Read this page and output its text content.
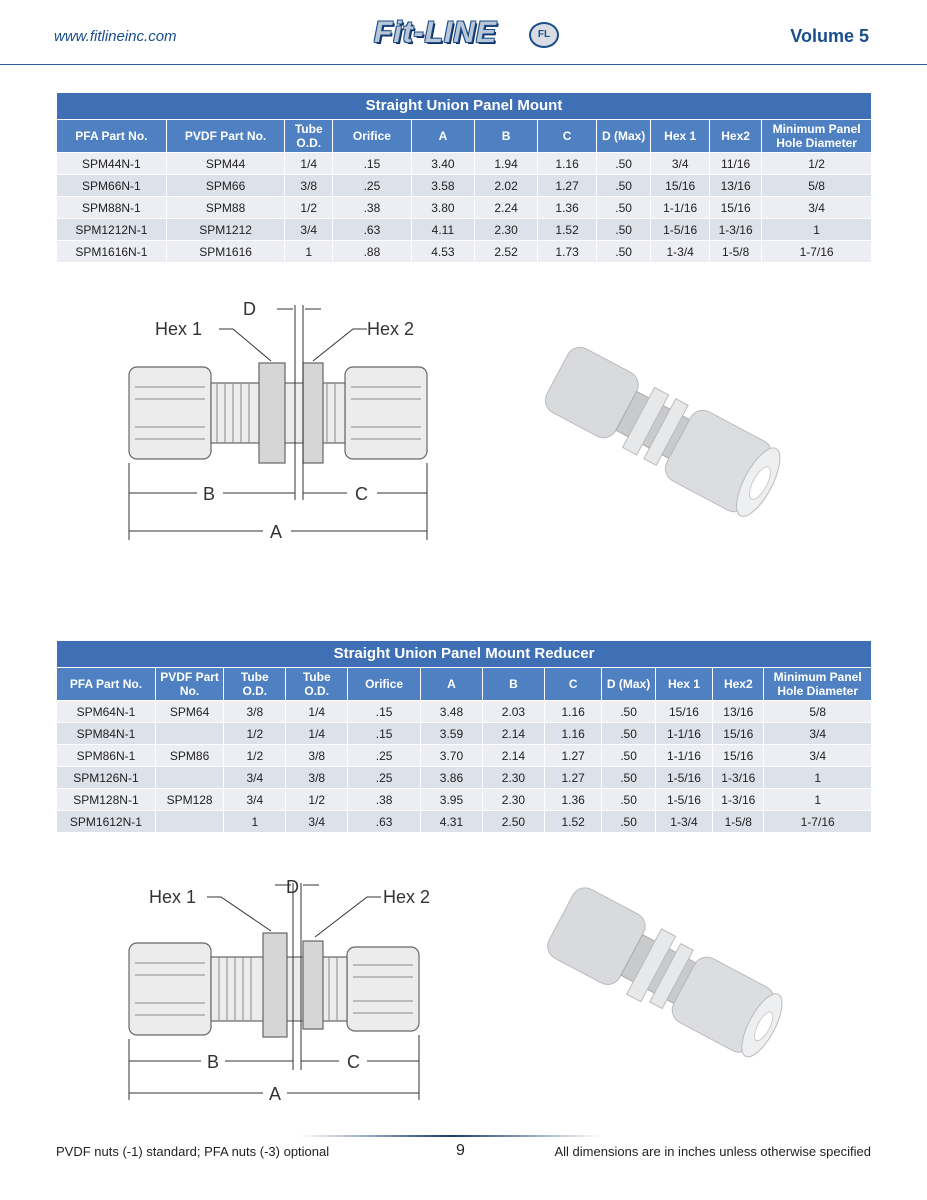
www.fitlineinc.com	Fit-LINE	FL	Volume 5
Straight Union Panel Mount										
PFA Part No.	PVDF Part No.	Tube O.D.	Orifice	A	B	C	D (Max)	Hex 1	Hex2	Minimum Panel Hole Diameter
SPM44N-1	SPM44	1/4	.15	3.40	1.94	1.16	.50	3/4	11/16	1/2
SPM66N-1	SPM66	3/8	.25	3.58	2.02	1.27	.50	15/16	13/16	5/8
SPM88N-1	SPM88	1/2	.38	3.80	2.24	1.36	.50	1-1/16	15/16	3/4
SPM1212N-1	SPM1212	3/4	.63	4.11	2.30	1.52	.50	1-5/16	1-3/16	1
SPM1616N-1	SPM1616	1	.88	4.53	2.52	1.73	.50	1-3/4	1-5/8	1-7/16
Hex 1	Hex 2
D
B	C
A
Straight Union Panel Mount Reducer											
PFA Part No.	PVDF Part No.	Tube O.D.	Tube O.D.	Orifice	A	B	C	D (Max)	Hex 1	Hex2	Minimum Panel Hole Diameter
SPM64N-1	SPM64	3/8	1/4	.15	3.48	2.03	1.16	.50	15/16	13/16	5/8
SPM84N-1		1/2	1/4	.15	3.59	2.14	1.16	.50	1-1/16	15/16	3/4
SPM86N-1	SPM86	1/2	3/8	.25	3.70	2.14	1.27	.50	1-1/16	15/16	3/4
SPM126N-1		3/4	3/8	.25	3.86	2.30	1.27	.50	1-5/16	1-3/16	1
SPM128N-1	SPM128	3/4	1/2	.38	3.95	2.30	1.36	.50	1-5/16	1-3/16	1
SPM1612N-1		1	3/4	.63	4.31	2.50	1.52	.50	1-3/4	1-5/8	1-7/16
Hex 1	Hex 2
D
B	C
A
PVDF nuts (-1) standard; PFA nuts (-3) optional	9	All dimensions are in inches unless otherwise specified
